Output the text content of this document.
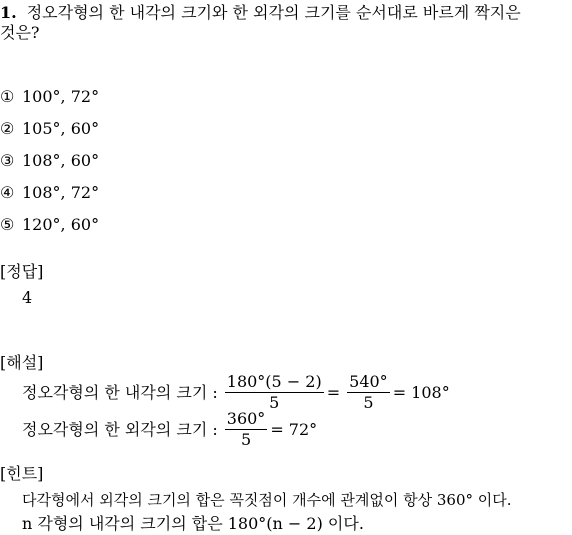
1. 정오각형의 한 내각의 크기와 한 외각의 크기를 순서대로 바르게 짝지은
것은?
① 100°, 72°
② 105°, 60°
③ 108°, 60°
④ 108°, 72°
⑤ 120°, 60°
[정답]
4
[해설]
정오각형의 한 내각의 크기 : $\frac{180^\circ(5 - 2)}{5} = \frac{540^\circ}{5} = 108^\circ$
정오각형의 한 외각의 크기 : $\frac{360^\circ}{5} = 72^\circ$
[힌트]
다각형에서 외각의 크기의 합은 꼭짓점이 개수에 관계없이 항상 360° 이다.
n 각형의 내각의 크기의 합은 180°(n − 2) 이다.
